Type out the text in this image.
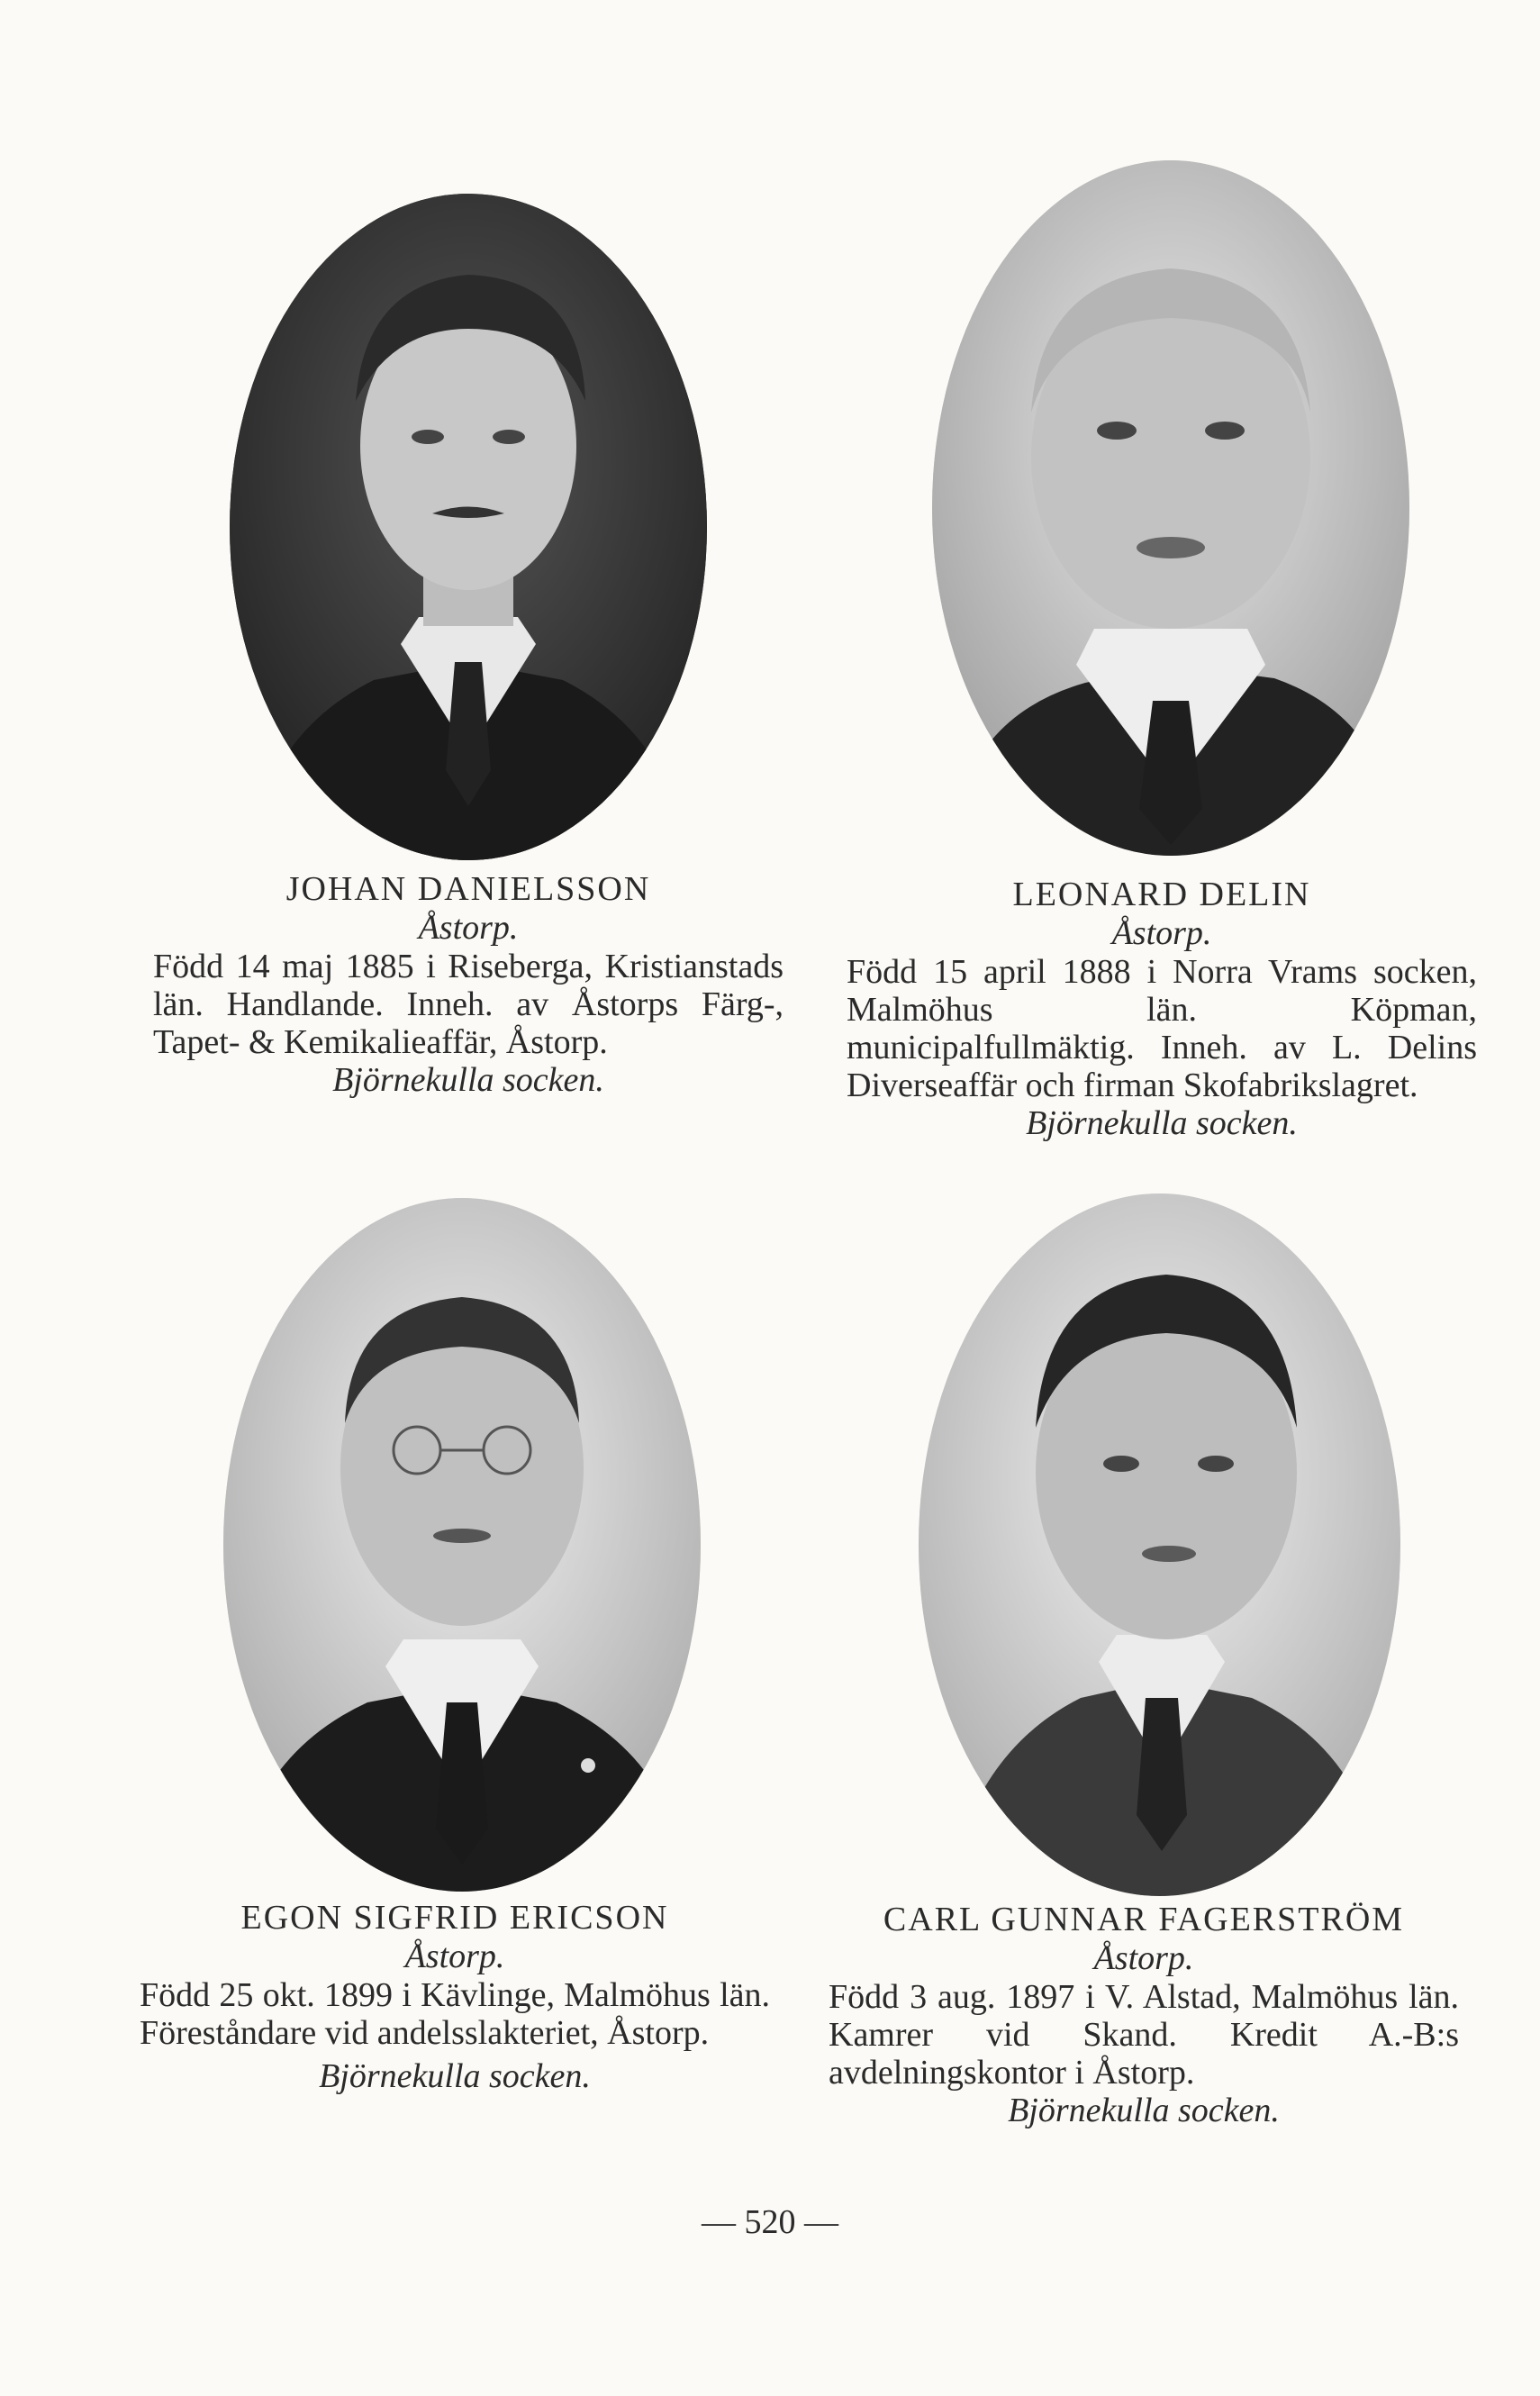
JOHAN DANIELSSON
Åstorp.
Född 14 maj 1885 i Riseberga, Kristianstads län. Handlande. Inneh. av Åstorps Färg-, Tapet- & Kemikalieaffär, Åstorp.
Björnekulla socken.
LEONARD DELIN
Åstorp.
Född 15 april 1888 i Norra Vrams socken, Malmöhus län. Köpman, municipalfullmäktig. Inneh. av L. Delins Diverseaffär och firman Skofabrikslagret.
Björnekulla socken.
EGON SIGFRID ERICSON
Åstorp.
Född 25 okt. 1899 i Kävlinge, Malmöhus län. Föreståndare vid andelsslakteriet, Åstorp.
Björnekulla socken.
CARL GUNNAR FAGERSTRÖM
Åstorp.
Född 3 aug. 1897 i V. Alstad, Malmöhus län. Kamrer vid Skand. Kredit A.-B:s avdelningskontor i Åstorp.
Björnekulla socken.
— 520 —
